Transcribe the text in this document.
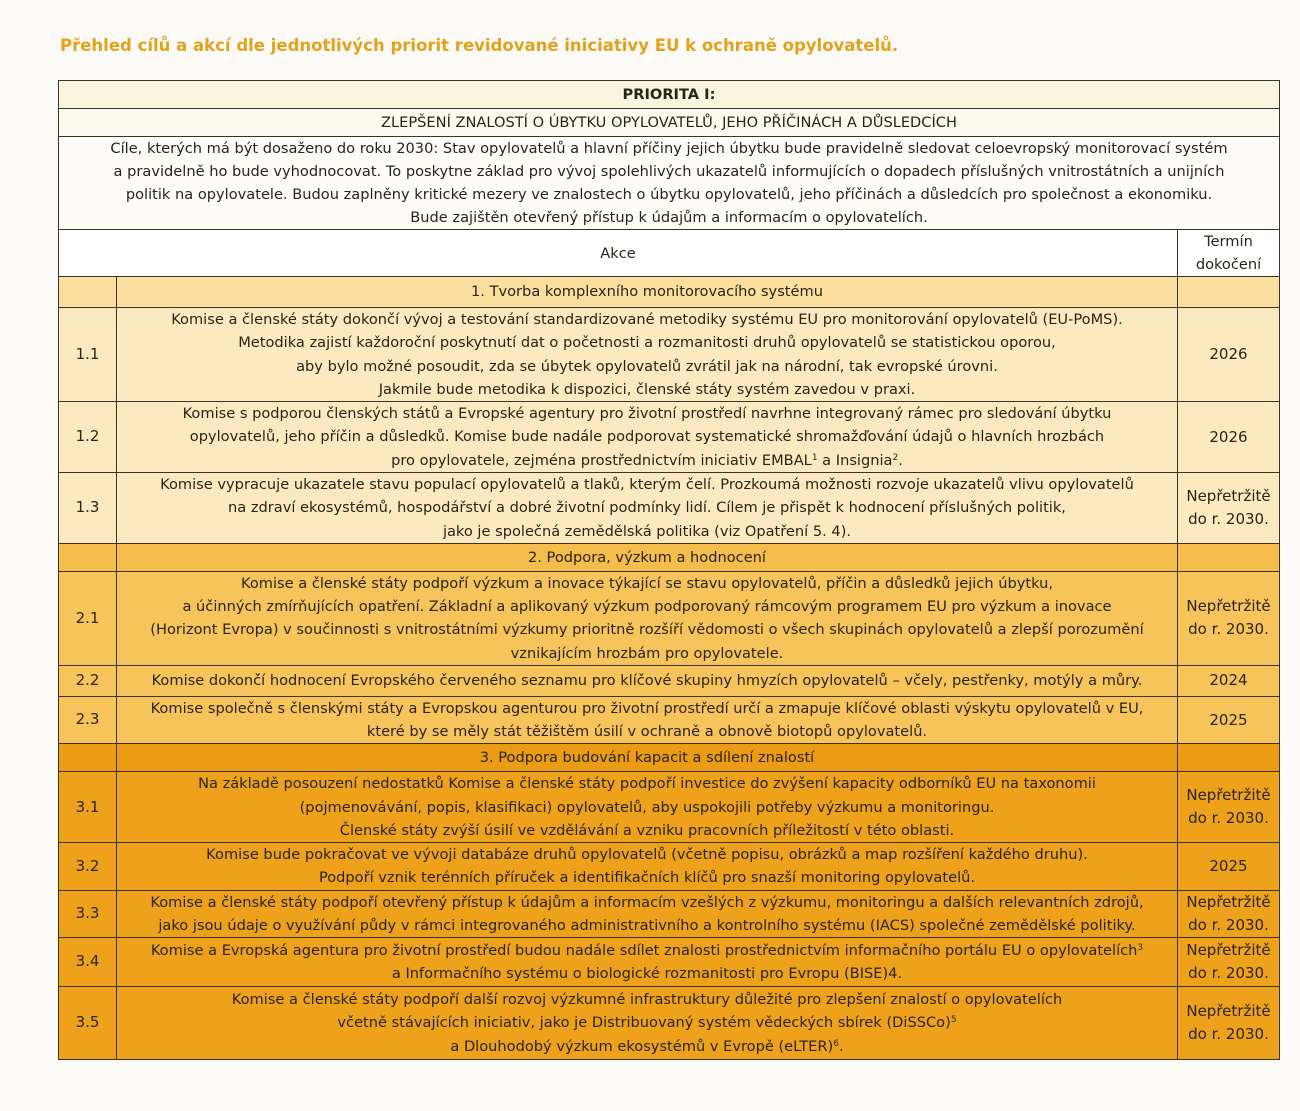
Přehled cílů a akcí dle jednotlivých priorit revidované iniciativy EU k ochraně opylovatelů.
PRIORITA I:		
ZLEPŠENÍ ZNALOSTÍ O ÚBYTKU OPYLOVATELŮ, JEHO PŘÍČINÁCH A DŮSLEDCÍCH		

Cíle, kterých má být dosaženo do roku 2030: Stav opylovatelů a hlavní příčiny jejich úbytku bude pravidelně sledovat celoevropský monitorovací systém
a pravidelně ho bude vyhodnocovat. To poskytne základ pro vývoj spolehlivých ukazatelů informujících o dopadech příslušných vnitrostátních a unijních
politik na opylovatele. Budou zaplněny kritické mezery ve znalostech o úbytku opylovatelů, jeho příčinách a důsledcích pro společnost a ekonomiku.
Bude zajištěn otevřený přístup k údajům a informacím o opylovatelích.		

Akce		Termín
dokočení

	1. Tvorba komplexního monitorovacího systému	
1.1	Komise a členské státy dokončí vývoj a testování standardizované metodiky systému EU pro monitorování opylovatelů (EU-PoMS).
Metodika zajistí každoroční poskytnutí dat o početnosti a rozmanitosti druhů opylovatelů se statistickou oporou,
aby bylo možné posoudit, zda se úbytek opylovatelů zvrátil jak na národní, tak evropské úrovni.
Jakmile bude metodika k dispozici, členské státy systém zavedou v praxi.	2026

1.2	Komise s podporou členských států a Evropské agentury pro životní prostředí navrhne integrovaný rámec pro sledování úbytku
opylovatelů, jeho příčin a důsledků. Komise bude nadále podporovat systematické shromažďování údajů o hlavních hrozbách
pro opylovatele, zejména prostřednictvím iniciativ EMBAL$^1$ a Insignia$^2$.	2026

1.3	Komise vypracuje ukazatele stavu populací opylovatelů a tlaků, kterým čelí. Prozkoumá možnosti rozvoje ukazatelů vlivu opylovatelů
na zdraví ekosystémů, hospodářství a dobré životní podmínky lidí. Cílem je přispět k hodnocení příslušných politik,
jako je společná zemědělská politika (viz Opatření 5. 4).	Nepřetržitě
do r. 2030.

	2. Podpora, výzkum a hodnocení	
2.1	Komise a členské státy podpoří výzkum a inovace týkající se stavu opylovatelů, příčin a důsledků jejich úbytku,
a účinných zmírňujících opatření. Základní a aplikovaný výzkum podporovaný rámcovým programem EU pro výzkum a inovace
(Horizont Evropa) v součinnosti s vnitrostátními výzkumy prioritně rozšíří vědomosti o všech skupinách opylovatelů a zlepší porozumění
vznikajícím hrozbám pro opylovatele.	Nepřetržitě
do r. 2030.

2.2	Komise dokončí hodnocení Evropského červeného seznamu pro klíčové skupiny hmyzích opylovatelů – včely, pestřenky, motýly a můry.	2024

2.3	Komise společně s členskými státy a Evropskou agenturou pro životní prostředí určí a zmapuje klíčové oblasti výskytu opylovatelů v EU,
které by se měly stát těžištěm úsilí v ochraně a obnově biotopů opylovatelů.	2025

	3. Podpora budování kapacit a sdílení znalostí	
3.1	Na základě posouzení nedostatků Komise a členské státy podpoří investice do zvýšení kapacity odborníků EU na taxonomii
(pojmenovávání, popis, klasifikaci) opylovatelů, aby uspokojili potřeby výzkumu a monitoringu.
Členské státy zvýší úsilí ve vzdělávání a vzniku pracovních příležitostí v této oblasti.	Nepřetržitě
do r. 2030.

3.2	Komise bude pokračovat ve vývoji databáze druhů opylovatelů (včetně popisu, obrázků a map rozšíření každého druhu).
Podpoří vznik terénních příruček a identifikačních klíčů pro snazší monitoring opylovatelů.	2025

3.3	Komise a členské státy podpoří otevřený přístup k údajům a informacím vzešlých z výzkumu, monitoringu a dalších relevantních zdrojů,
jako jsou údaje o využívání půdy v rámci integrovaného administrativního a kontrolního systému (IACS) společné zemědělské politiky.	Nepřetržitě
do r. 2030.

3.4	Komise a Evropská agentura pro životní prostředí budou nadále sdílet znalosti prostřednictvím informačního portálu EU o opylovatelích$^3$
a Informačního systému o biologické rozmanitosti pro Evropu (BISE)4.	Nepřetržitě
do r. 2030.

3.5	Komise a členské státy podpoří další rozvoj výzkumné infrastruktury důležité pro zlepšení znalostí o opylovatelích
včetně stávajících iniciativ, jako je Distribuovaný systém vědeckých sbírek (DiSSCo)$^5$
a Dlouhodobý výzkum ekosystémů v Evropě (eLTER)$^6$.	Nepřetržitě
do r. 2030.
